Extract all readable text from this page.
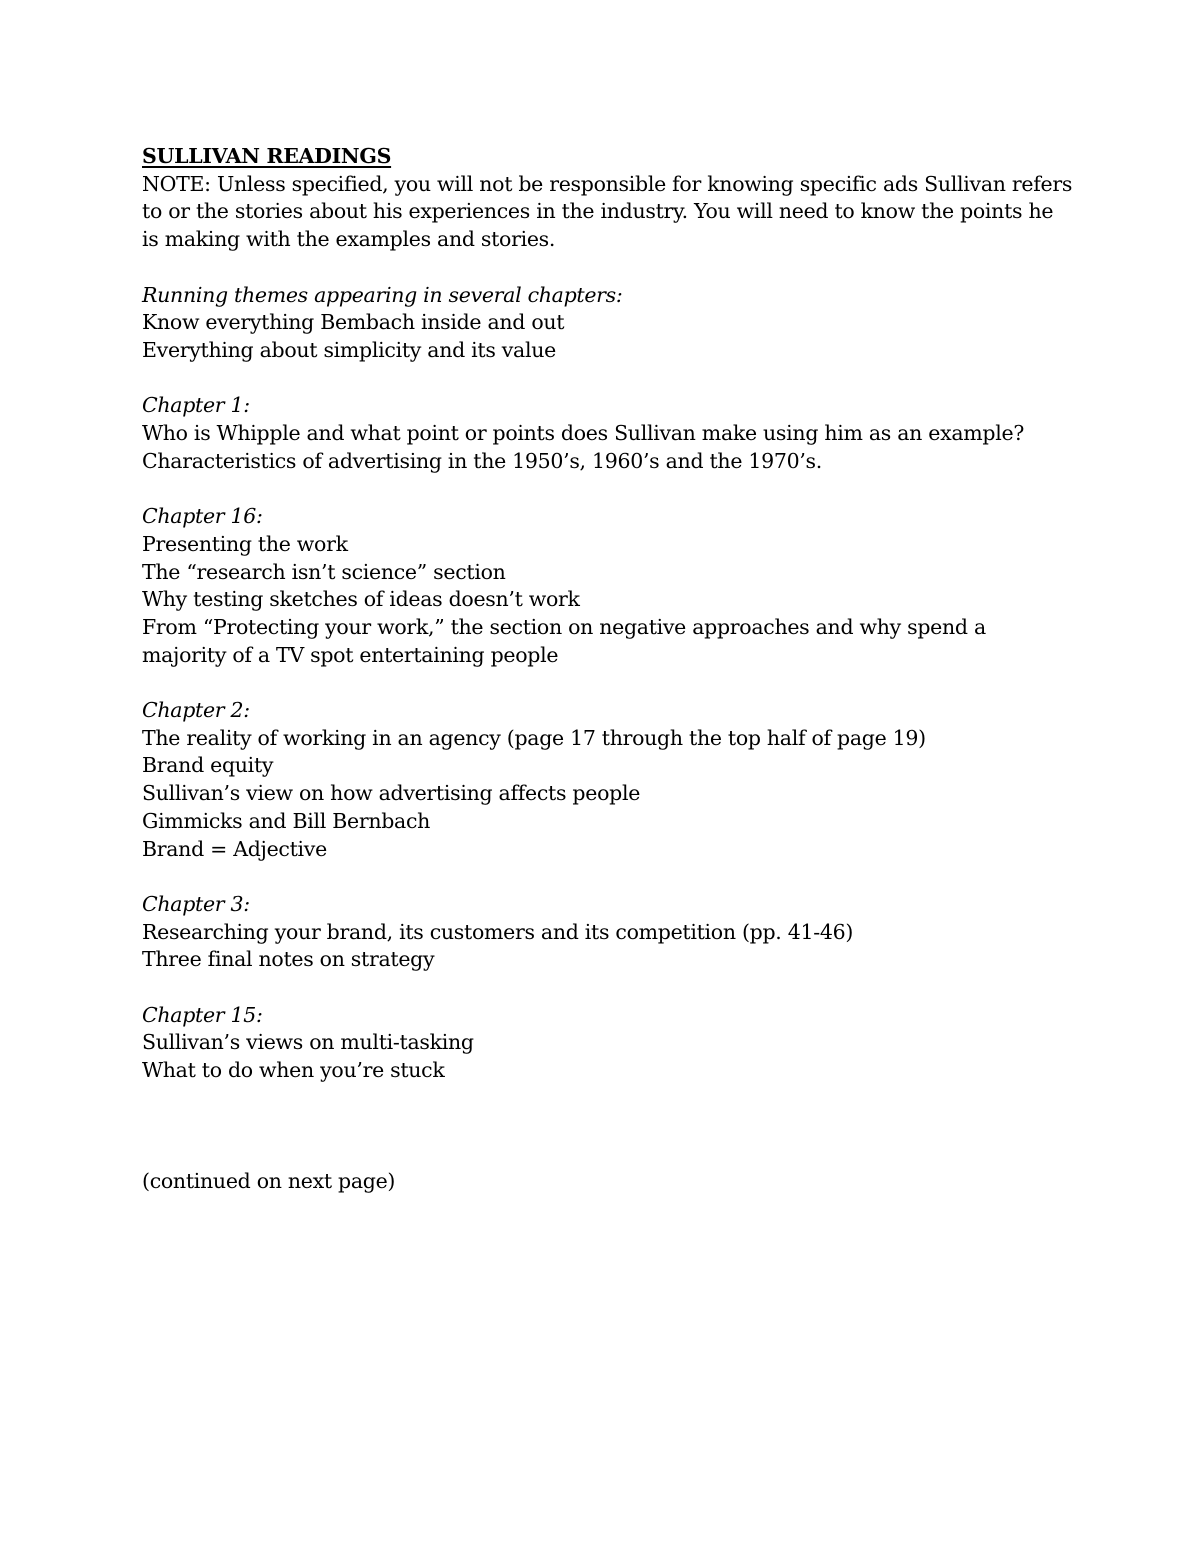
SULLIVAN READINGS
NOTE: Unless specified, you will not be responsible for knowing specific ads Sullivan refers
to or the stories about his experiences in the industry. You will need to know the points he
is making with the examples and stories.
Running themes appearing in several chapters:
Know everything Bembach inside and out
Everything about simplicity and its value
Chapter 1:
Who is Whipple and what point or points does Sullivan make using him as an example?
Characteristics of advertising in the 1950’s, 1960’s and the 1970’s.
Chapter 16:
Presenting the work
The “research isn’t science” section
Why testing sketches of ideas doesn’t work
From “Protecting your work,” the section on negative approaches and why spend a
majority of a TV spot entertaining people
Chapter 2:
The reality of working in an agency (page 17 through the top half of page 19)
Brand equity
Sullivan’s view on how advertising affects people
Gimmicks and Bill Bernbach
Brand = Adjective
Chapter 3:
Researching your brand, its customers and its competition (pp. 41-46)
Three final notes on strategy
Chapter 15:
Sullivan’s views on multi-tasking
What to do when you’re stuck
(continued on next page)
